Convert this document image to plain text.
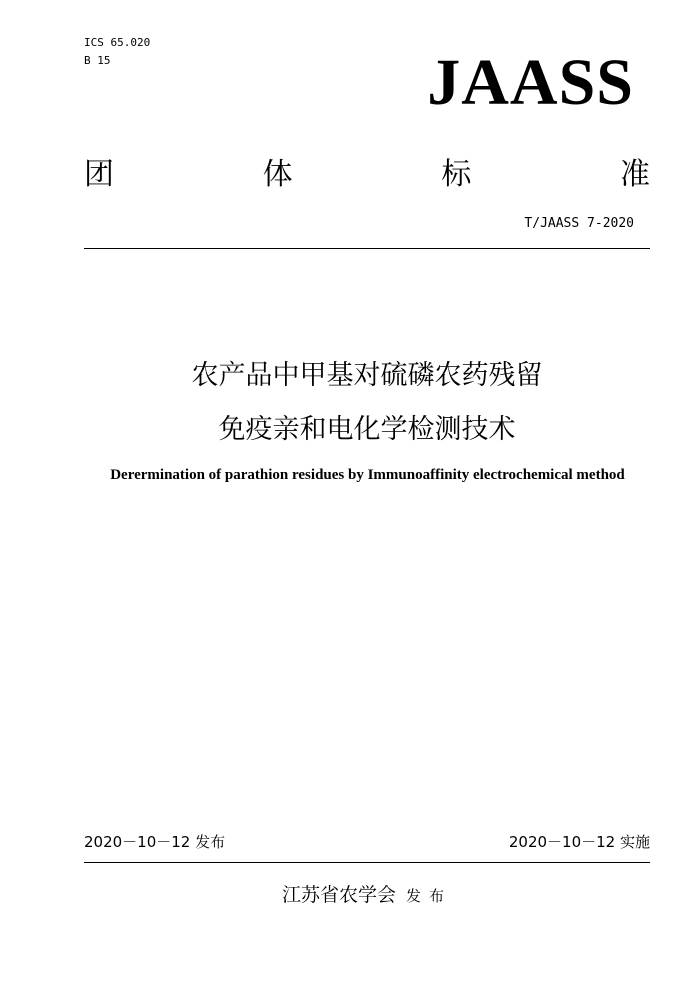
ICS 65.020
B 15	JAASS
团	体	标	准
T/JAASS 7-2020
农产品中甲基对硫磷农药残留
免疫亲和电化学检测技术
Derermination of parathion residues by Immunoaffinity electrochemical method
2020－10－12 发布	2020－10－12 实施
江苏省农学会 发布
